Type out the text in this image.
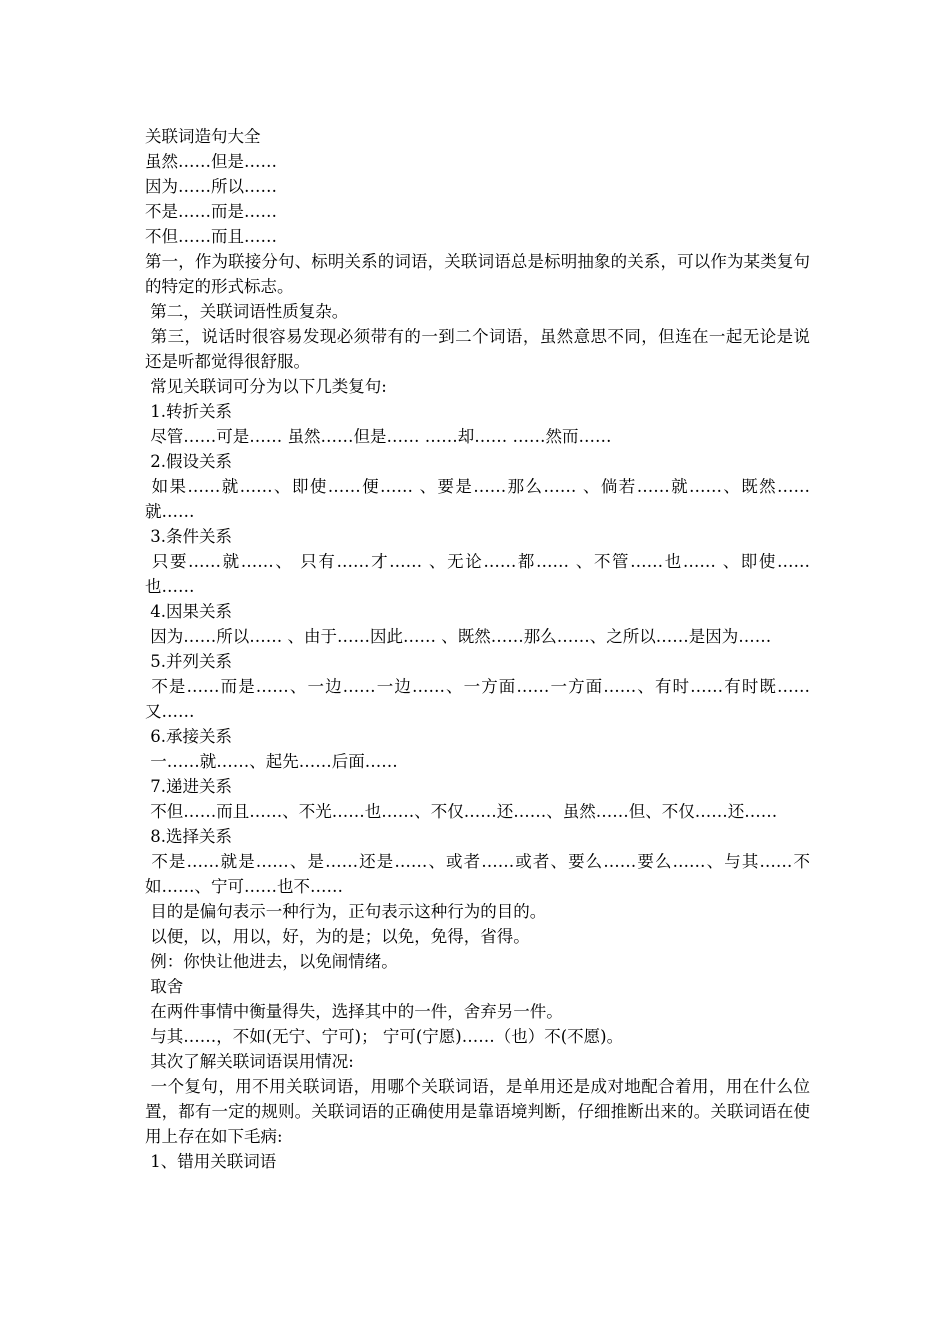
关联词造句大全

虽然……但是……

因为……所以……

不是……而是……

不但……而且……

第一，作为联接分句、标明关系的词语，关联词语总是标明抽象的关系，可以作为某类复句的特定的形式标志。

第二，关联词语性质复杂。

第三，说话时很容易发现必须带有的一到二个词语，虽然意思不同，但连在一起无论是说还是听都觉得很舒服。

常见关联词可分为以下几类复句:

1.转折关系

尽管……可是…… 虽然……但是…… ……却…… ……然而……

2.假设关系

如果……就……、即使……便…… 、要是……那么…… 、倘若……就……、既然……就……

3.条件关系

只要……就……、 只有……才…… 、无论……都…… 、不管……也…… 、即使……也……

4.因果关系

因为……所以…… 、由于……因此…… 、既然……那么……、之所以……是因为……

5.并列关系

不是……而是……、一边……一边……、一方面……一方面……、有时……有时既……又……

6.承接关系

一……就……、起先……后面……

7.递进关系

不但……而且……、不光……也……、不仅……还……、虽然……但、不仅……还……

8.选择关系

不是……就是……、是……还是……、或者……或者、要么……要么……、与其……不如……、宁可……也不……

目的是偏句表示一种行为，正句表示这种行为的目的。

以便，以，用以，好，为的是；以免，免得，省得。

例：你快让他进去，以免闹情绪。

取舍

在两件事情中衡量得失，选择其中的一件，舍弃另一件。

与其……，不如(无宁、宁可)； 宁可(宁愿)……（也）不(不愿)。

其次了解关联词语误用情况:

一个复句，用不用关联词语，用哪个关联词语，是单用还是成对地配合着用，用在什么位置，都有一定的规则。关联词语的正确使用是靠语境判断，仔细推断出来的。关联词语在使用上存在如下毛病:

1、错用关联词语
